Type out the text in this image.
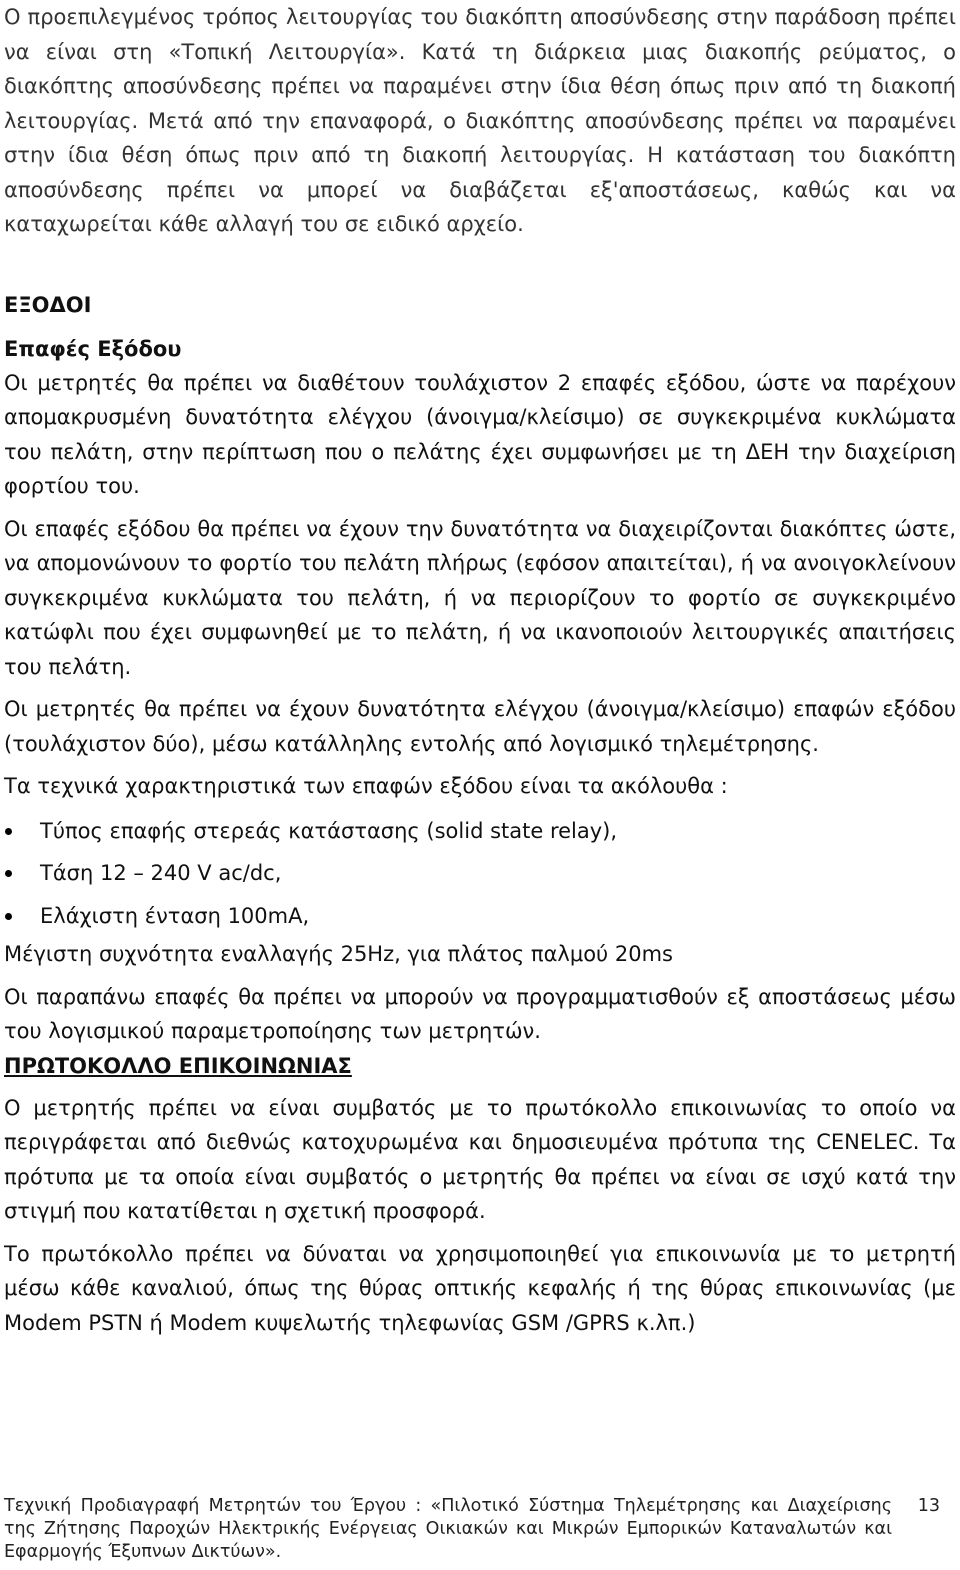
Ο προεπιλεγμένος τρόπος λειτουργίας του διακόπτη αποσύνδεσης στην παράδοση πρέπει να είναι στη «Τοπική Λειτουργία». Κατά τη διάρκεια μιας διακοπής ρεύματος, ο διακόπτης αποσύνδεσης πρέπει να παραμένει στην ίδια θέση όπως πριν από τη διακοπή λειτουργίας. Μετά από την επαναφορά, ο διακόπτης αποσύνδεσης πρέπει να παραμένει στην ίδια θέση όπως πριν από τη διακοπή λειτουργίας. Η κατάσταση του διακόπτη αποσύνδεσης πρέπει να μπορεί να διαβάζεται εξ'αποστάσεως, καθώς και να καταχωρείται κάθε αλλαγή του σε ειδικό αρχείο.

ΕΞΟΔΟΙ
Επαφές Εξόδου

Οι μετρητές θα πρέπει να διαθέτουν τουλάχιστον 2 επαφές εξόδου, ώστε να παρέχουν απομακρυσμένη δυνατότητα ελέγχου (άνοιγμα/κλείσιμο) σε συγκεκριμένα κυκλώματα του πελάτη, στην περίπτωση που ο πελάτης έχει συμφωνήσει με τη ΔΕΗ την διαχείριση φορτίου του.

Οι επαφές εξόδου θα πρέπει να έχουν την δυνατότητα να διαχειρίζονται διακόπτες ώστε, να απομονώνουν το φορτίο του πελάτη πλήρως (εφόσον απαιτείται), ή να ανοιγοκλείνουν συγκεκριμένα κυκλώματα του πελάτη, ή να περιορίζουν το φορτίο σε συγκεκριμένο κατώφλι που έχει συμφωνηθεί με το πελάτη, ή να ικανοποιούν λειτουργικές απαιτήσεις του πελάτη.

Οι μετρητές θα πρέπει να έχουν δυνατότητα ελέγχου (άνοιγμα/κλείσιμο) επαφών εξόδου (τουλάχιστον δύο), μέσω κατάλληλης εντολής από λογισμικό τηλεμέτρησης.

Τα τεχνικά χαρακτηριστικά των επαφών εξόδου είναι τα ακόλουθα :

Τύπος επαφής στερεάς κατάστασης (solid state relay),
Τάση 12 – 240 V ac/dc,
Ελάχιστη ένταση 100mA,

Μέγιστη συχνότητα εναλλαγής 25Hz, για πλάτος παλμού 20ms

Οι παραπάνω επαφές θα πρέπει να μπορούν να προγραμματισθούν εξ αποστάσεως μέσω του λογισμικού παραμετροποίησης των μετρητών.

ΠΡΩΤΟΚΟΛΛΟ ΕΠΙΚΟΙΝΩΝΙΑΣ

Ο μετρητής πρέπει να είναι συμβατός με το πρωτόκολλο επικοινωνίας το οποίο να περιγράφεται από διεθνώς κατοχυρωμένα και δημοσιευμένα πρότυπα της CENELEC. Τα πρότυπα με τα οποία είναι συμβατός ο μετρητής θα πρέπει να είναι σε ισχύ κατά την στιγμή που κατατίθεται η σχετική προσφορά.

Το πρωτόκολλο πρέπει να δύναται να χρησιμοποιηθεί για επικοινωνία με το μετρητή μέσω κάθε καναλιού, όπως της θύρας οπτικής κεφαλής ή της θύρας επικοινωνίας (με Modem PSTN ή Modem κυψελωτής τηλεφωνίας GSM /GPRS κ.λπ.)

Τεχνική Προδιαγραφή Μετρητών του Έργου : «Πιλοτικό Σύστημα Τηλεμέτρησης και Διαχείρισης της Ζήτησης Παροχών Ηλεκτρικής Ενέργειας Οικιακών και Μικρών Εμπορικών Καταναλωτών και Εφαρμογής Έξυπνων Δικτύων».
13
